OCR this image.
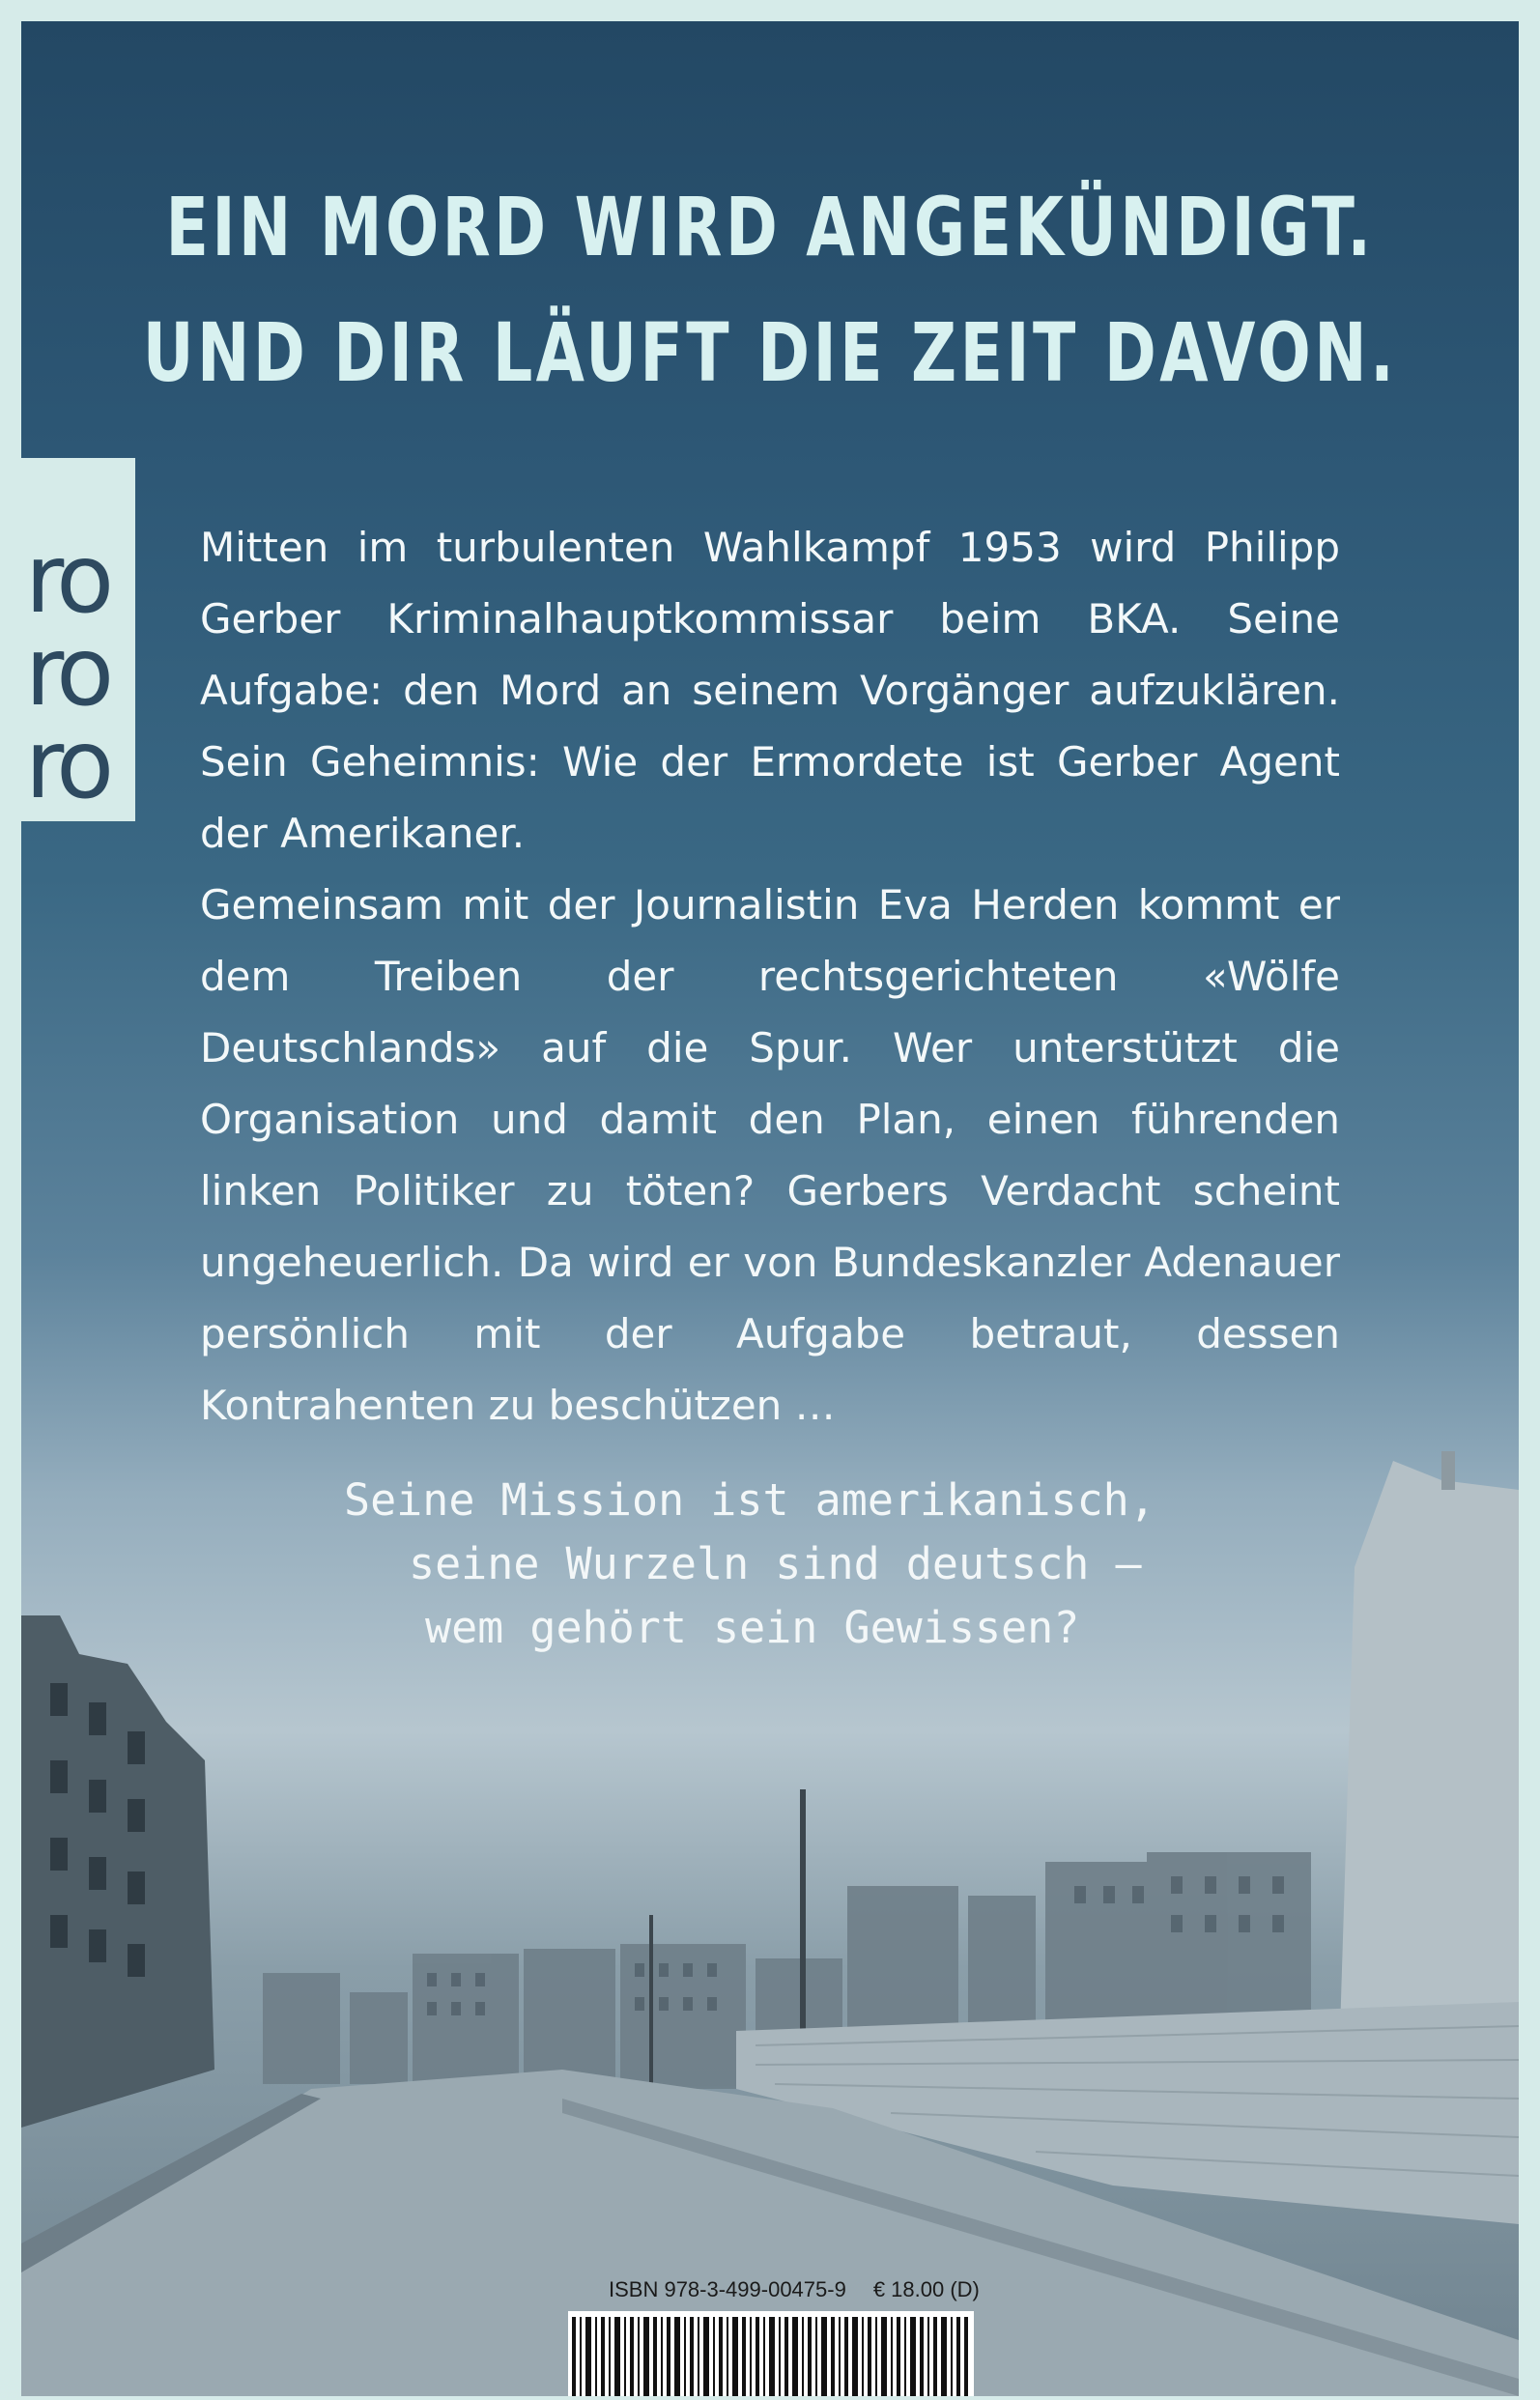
ro
ro
ro
EIN MORD WIRD ANGEKÜNDIGT.
UND DIR LÄUFT DIE ZEIT DAVON.

Mitten im turbulenten Wahlkampf 1953 wird Philipp Gerber Kriminalhauptkommissar beim BKA. Seine Aufgabe: den Mord an seinem Vorgänger aufzuklären. Sein Geheimnis: Wie der Ermordete ist Gerber Agent der Amerikaner.

Gemeinsam mit der Journalistin Eva Herden kommt er dem Treiben der rechtsgerichteten «Wölfe Deutschlands» auf die Spur. Wer unterstützt die Organisation und damit den Plan, einen führenden linken Politiker zu töten? Gerbers Verdacht scheint ungeheuerlich. Da wird er von Bundeskanzler Adenauer persönlich mit der Aufgabe betraut, dessen Kontrahenten zu beschützen …

Seine Mission ist amerikanisch,
seine Wurzeln sind deutsch –
wem gehört sein Gewissen?
ISBN 978-3-499-00475-9 € 18.00 (D)
